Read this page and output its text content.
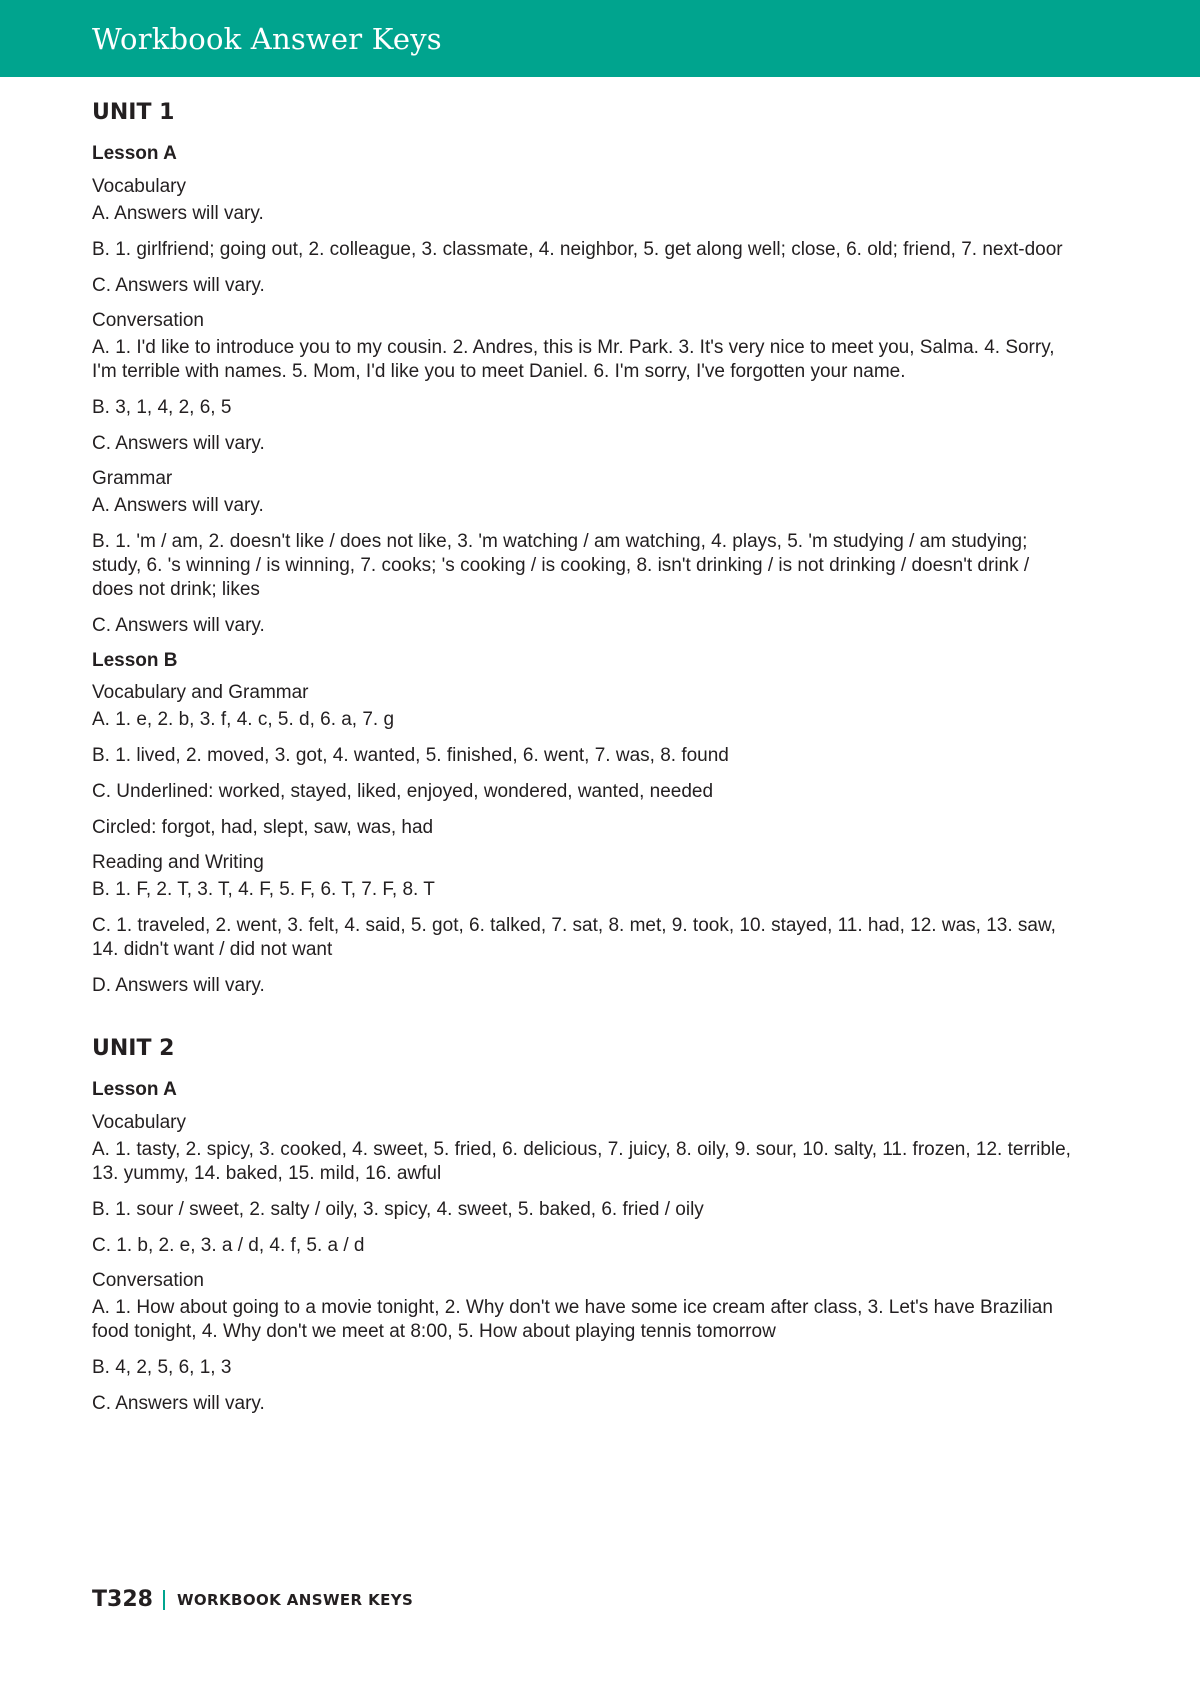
Workbook Answer Keys
UNIT 1
Lesson A
Vocabulary

A. Answers will vary.

B. 1. girlfriend; going out, 2. colleague, 3. classmate, 4. neighbor, 5. get along well; close, 6. old; friend, 7. next-door

C. Answers will vary.

Conversation

A. 1. I'd like to introduce you to my cousin. 2. Andres, this is Mr. Park. 3. It's very nice to meet you, Salma. 4. Sorry, I'm terrible with names. 5. Mom, I'd like you to meet Daniel. 6. I'm sorry, I've forgotten your name.

B. 3, 1, 4, 2, 6, 5

C. Answers will vary.

Grammar

A. Answers will vary.

B. 1. 'm / am, 2. doesn't like / does not like, 3. 'm watching / am watching, 4. plays, 5. 'm studying / am studying; study, 6. 's winning / is winning, 7. cooks; 's cooking / is cooking, 8. isn't drinking / is not drinking / doesn't drink / does not drink; likes

C. Answers will vary.

Lesson B
Vocabulary and Grammar

A. 1. e, 2. b, 3. f, 4. c, 5. d, 6. a, 7. g

B. 1. lived, 2. moved, 3. got, 4. wanted, 5. finished, 6. went, 7. was, 8. found

C. Underlined: worked, stayed, liked, enjoyed, wondered, wanted, needed

Circled: forgot, had, slept, saw, was, had

Reading and Writing

B. 1. F, 2. T, 3. T, 4. F, 5. F, 6. T, 7. F, 8. T

C. 1. traveled, 2. went, 3. felt, 4. said, 5. got, 6. talked, 7. sat, 8. met, 9. took, 10. stayed, 11. had, 12. was, 13. saw, 14. didn't want / did not want

D. Answers will vary.

UNIT 2
Lesson A
Vocabulary

A. 1. tasty, 2. spicy, 3. cooked, 4. sweet, 5. fried, 6. delicious, 7. juicy, 8. oily, 9. sour, 10. salty, 11. frozen, 12. terrible, 13. yummy, 14. baked, 15. mild, 16. awful

B. 1. sour / sweet, 2. salty / oily, 3. spicy, 4. sweet, 5. baked, 6. fried / oily

C. 1. b, 2. e, 3. a / d, 4. f, 5. a / d

Conversation

A. 1. How about going to a movie tonight, 2. Why don't we have some ice cream after class, 3. Let's have Brazilian food tonight, 4. Why don't we meet at 8:00, 5. How about playing tennis tomorrow

B. 4, 2, 5, 6, 1, 3

C. Answers will vary.

T328 WORKBOOK ANSWER KEYS
